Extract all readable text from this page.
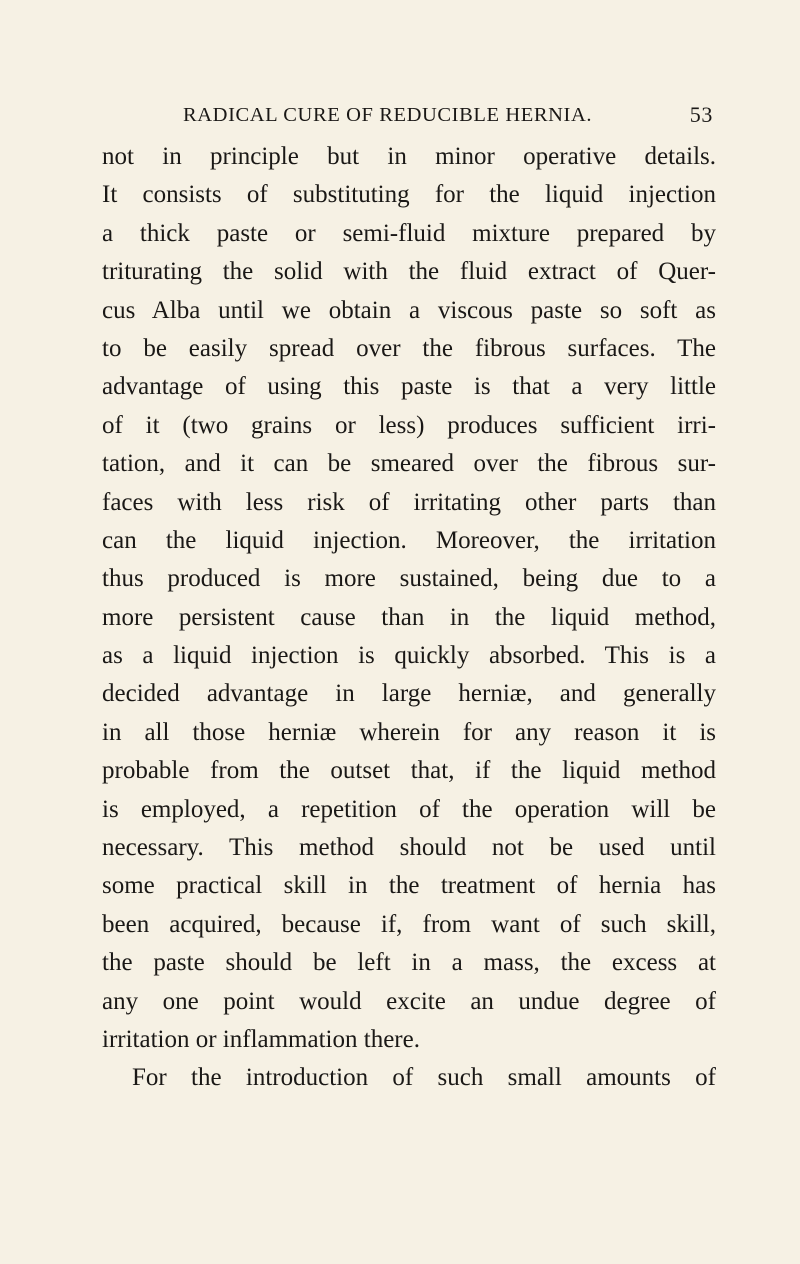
RADICAL CURE OF REDUCIBLE HERNIA.	53
not in principle but in minor operative details.
It consists of substituting for the liquid injection
a thick paste or semi-fluid mixture prepared by
triturating the solid with the fluid extract of Quer-
cus Alba until we obtain a viscous paste so soft as
to be easily spread over the fibrous surfaces. The
advantage of using this paste is that a very little
of it (two grains or less) produces sufficient irri-
tation, and it can be smeared over the fibrous sur-
faces with less risk of irritating other parts than
can the liquid injection. Moreover, the irritation
thus produced is more sustained, being due to a
more persistent cause than in the liquid method,
as a liquid injection is quickly absorbed. This is a
decided advantage in large herniæ, and generally
in all those herniæ wherein for any reason it is
probable from the outset that, if the liquid method
is employed, a repetition of the operation will be
necessary. This method should not be used until
some practical skill in the treatment of hernia has
been acquired, because if, from want of such skill,
the paste should be left in a mass, the excess at
any one point would excite an undue degree of
irritation or inflammation there.
For the introduction of such small amounts of
